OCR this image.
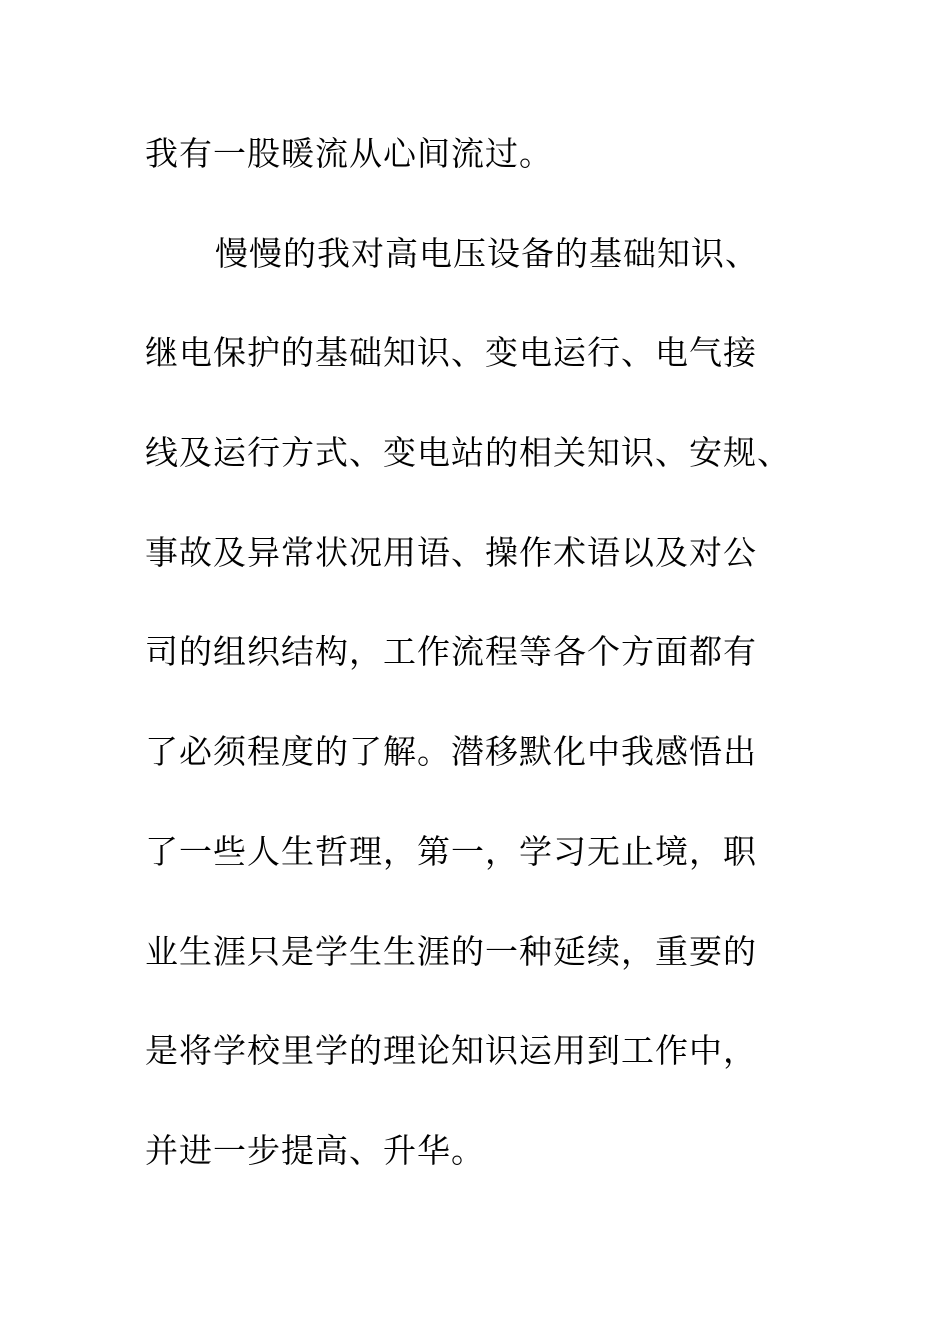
我有一股暖流从心间流过。
慢慢的我对高电压设备的基础知识、
继电保护的基础知识、变电运行、电气接
线及运行方式、变电站的相关知识、安规、
事故及异常状况用语、操作术语以及对公
司的组织结构，工作流程等各个方面都有
了必须程度的了解。潜移默化中我感悟出
了一些人生哲理，第一，学习无止境，职
业生涯只是学生生涯的一种延续，重要的
是将学校里学的理论知识运用到工作中，
并进一步提高、升华。
